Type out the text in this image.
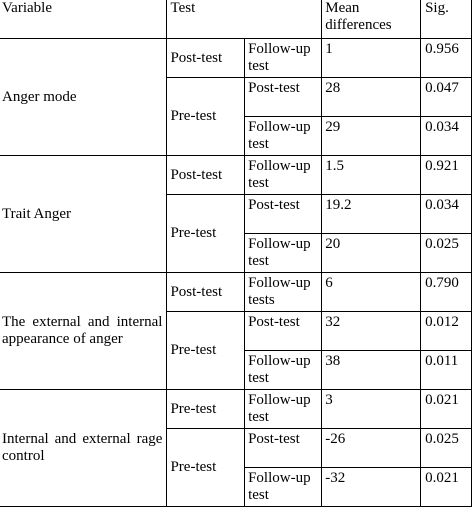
Variable	Test		Mean differences	Sig.
Anger mode	Post-test	Follow-up test	1	0.956
	Pre-test	Post-test	28	0.047
		Follow-up test	29	0.034
Trait Anger	Post-test	Follow-up test	1.5	0.921
	Pre-test	Post-test	19.2	0.034
		Follow-up test	20	0.025
The external and internal appearance of anger	Post-test	Follow-up tests	6	0.790
	Pre-test	Post-test	32	0.012
		Follow-up test	38	0.011
Internal and external rage control	Pre-test	Follow-up test	3	0.021
	Pre-test	Post-test	-26	0.025
		Follow-up test	-32	0.021
